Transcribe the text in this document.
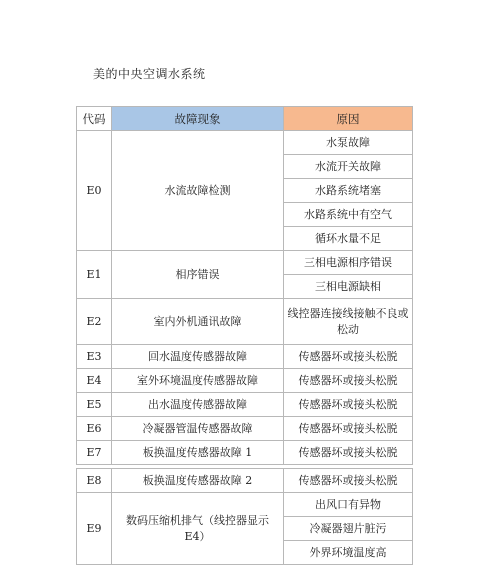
美的中央空调水系统
代码	故障现象	原因
E0	水流故障检测	水泵故障
		水流开关故障
		水路系统堵塞
		水路系统中有空气
		循环水量不足
E1	相序错误	三相电源相序错误
		三相电源缺相
E2	室内外机通讯故障	线控器连接线接触不良或松动
E3	回水温度传感器故障	传感器坏或接头松脱
E4	室外环境温度传感器故障	传感器坏或接头松脱
E5	出水温度传感器故障	传感器坏或接头松脱
E6	冷凝器管温传感器故障	传感器坏或接头松脱
E7	板换温度传感器故障 1	传感器坏或接头松脱

E8	板换温度传感器故障 2	传感器坏或接头松脱
E9	数码压缩机排气（线控器显示 E4）	出风口有异物
		冷凝器翅片脏污
		外界环境温度高
